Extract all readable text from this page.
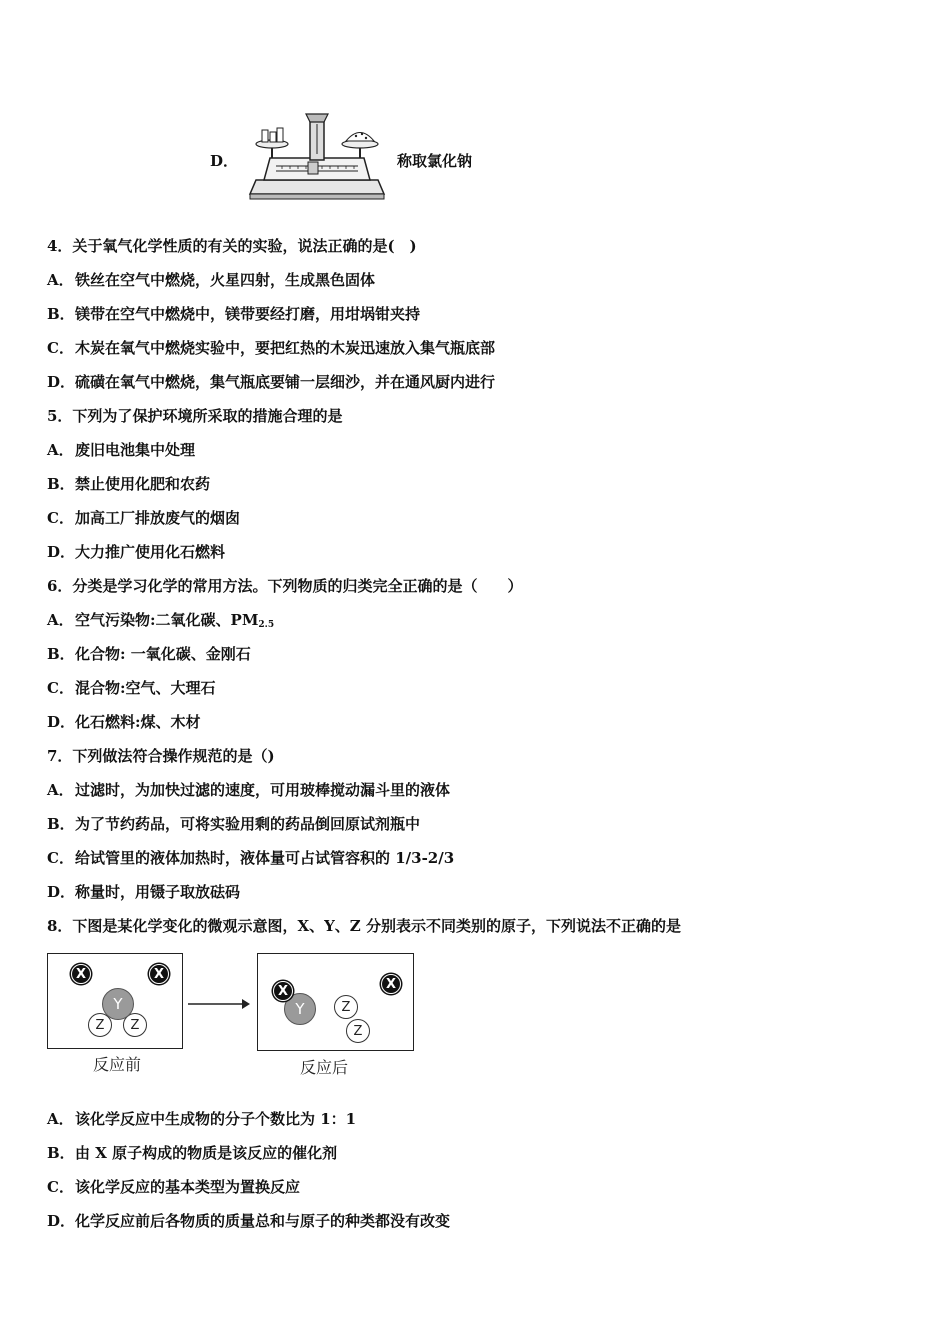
D．	称取氯化钠
4．关于氧气化学性质的有关的实验，说法正确的是(　)
A．铁丝在空气中燃烧，火星四射，生成黑色固体
B．镁带在空气中燃烧中，镁带要经打磨，用坩埚钳夹持
C．木炭在氧气中燃烧实验中，要把红热的木炭迅速放入集气瓶底部
D．硫磺在氧气中燃烧，集气瓶底要铺一层细沙，并在通风厨内进行
5．下列为了保护环境所采取的措施合理的是
A．废旧电池集中处理
B．禁止使用化肥和农药
C．加高工厂排放废气的烟囱
D．大力推广使用化石燃料
6．分类是学习化学的常用方法。下列物质的归类完全正确的是（　　）
A．空气污染物:二氧化碳、$PM_{2.5}$
B．化合物: 一氧化碳、金刚石
C．混合物:空气、大理石
D．化石燃料:煤、木材
7．下列做法符合操作规范的是（)
A．过滤时，为加快过滤的速度，可用玻棒搅动漏斗里的液体
B．为了节约药品，可将实验用剩的药品倒回原试剂瓶中
C．给试管里的液体加热时，液体量可占试管容积的 1/3-2/3
D．称量时，用镊子取放砝码
8．下图是某化学变化的微观示意图，X、Y、Z 分别表示不同类别的原子，下列说法不正确的是
X	X
Z	Z
Y
反应前
Y
X	X
Z
Z
反应后
A．该化学反应中生成物的分子个数比为 1：1
B．由 X 原子构成的物质是该反应的催化剂
C．该化学反应的基本类型为置换反应
D．化学反应前后各物质的质量总和与原子的种类都没有改变
